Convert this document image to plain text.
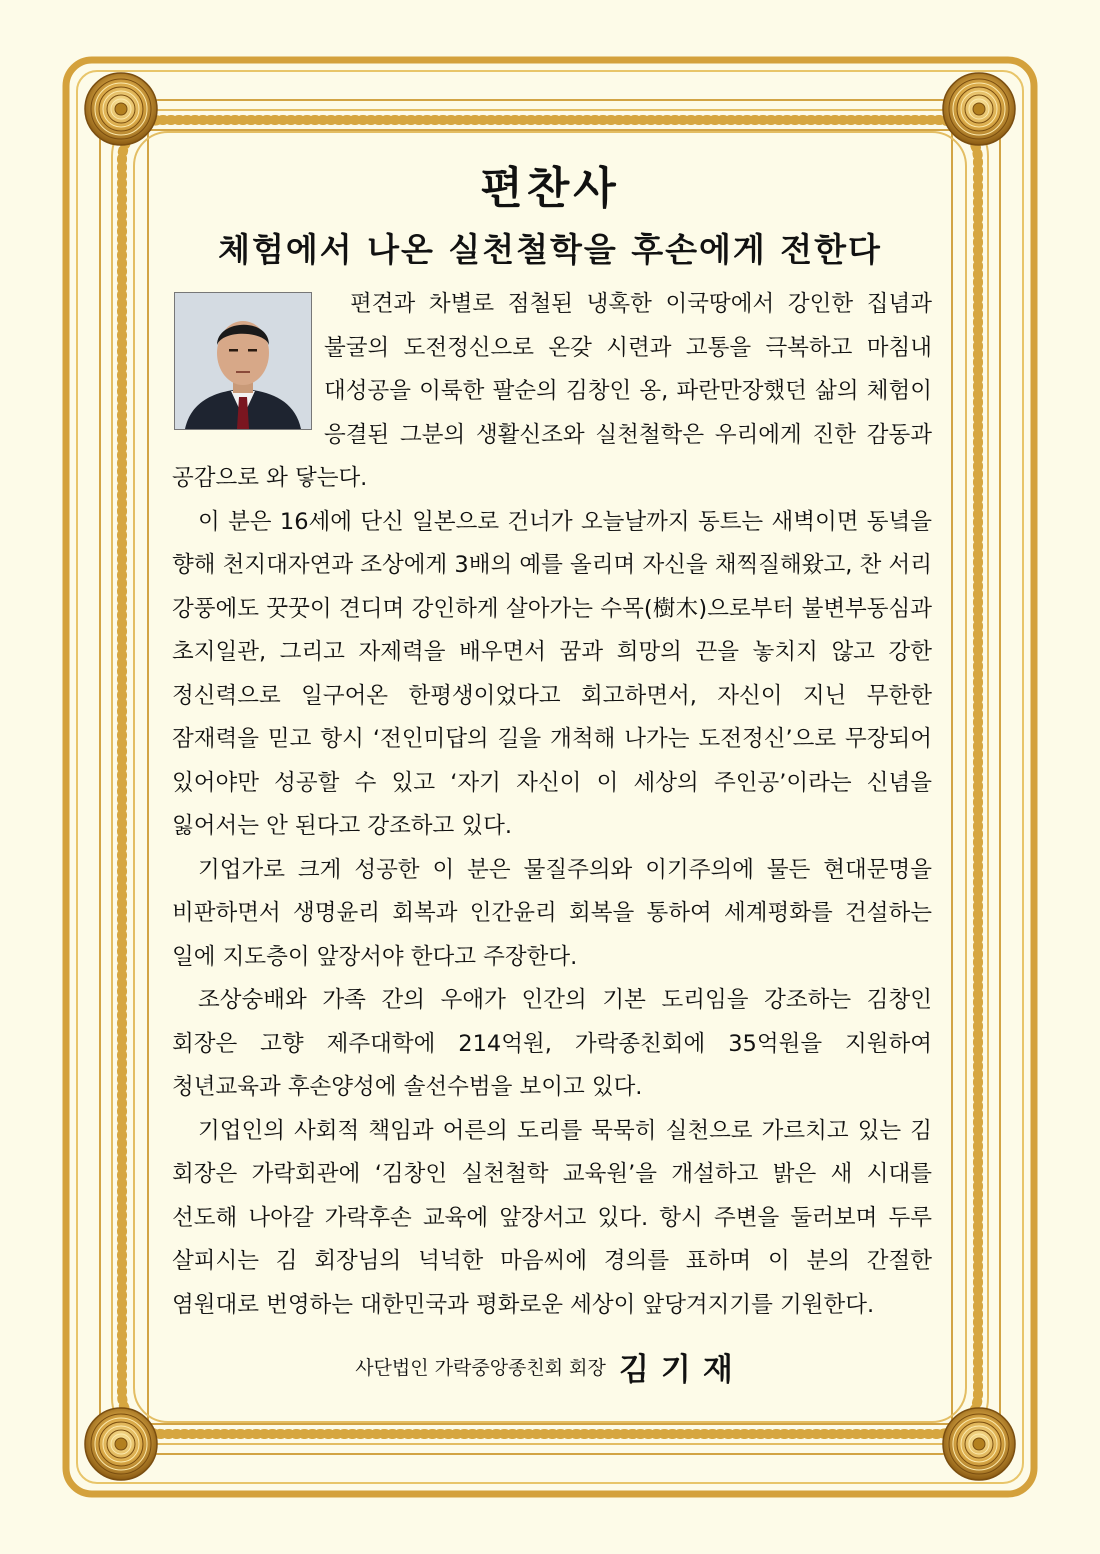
편찬사
체험에서 나온 실천철학을 후손에게 전한다

편견과 차별로 점철된 냉혹한 이국땅에서 강인한 집념과 불굴의 도전정신으로 온갖 시련과 고통을 극복하고 마침내 대성공을 이룩한 팔순의 김창인 옹, 파란만장했던 삶의 체험이 응결된 그분의 생활신조와 실천철학은 우리에게 진한 감동과 공감으로 와 닿는다.

이 분은 16세에 단신 일본으로 건너가 오늘날까지 동트는 새벽이면 동녘을 향해 천지대자연과 조상에게 3배의 예를 올리며 자신을 채찍질해왔고, 찬 서리 강풍에도 꿋꿋이 견디며 강인하게 살아가는 수목(樹木)으로부터 불변부동심과 초지일관, 그리고 자제력을 배우면서 꿈과 희망의 끈을 놓치지 않고 강한 정신력으로 일구어온 한평생이었다고 회고하면서, 자신이 지닌 무한한 잠재력을 믿고 항시 ‘전인미답의 길을 개척해 나가는 도전정신’으로 무장되어 있어야만 성공할 수 있고 ‘자기 자신이 이 세상의 주인공’이라는 신념을 잃어서는 안 된다고 강조하고 있다.

기업가로 크게 성공한 이 분은 물질주의와 이기주의에 물든 현대문명을 비판하면서 생명윤리 회복과 인간윤리 회복을 통하여 세계평화를 건설하는 일에 지도층이 앞장서야 한다고 주장한다.

조상숭배와 가족 간의 우애가 인간의 기본 도리임을 강조하는 김창인 회장은 고향 제주대학에 214억원, 가락종친회에 35억원을 지원하여 청년교육과 후손양성에 솔선수범을 보이고 있다.

기업인의 사회적 책임과 어른의 도리를 묵묵히 실천으로 가르치고 있는 김 회장은 가락회관에 ‘김창인 실천철학 교육원’을 개설하고 밝은 새 시대를 선도해 나아갈 가락후손 교육에 앞장서고 있다. 항시 주변을 둘러보며 두루 살피시는 김 회장님의 넉넉한 마음씨에 경의를 표하며 이 분의 간절한 염원대로 번영하는 대한민국과 평화로운 세상이 앞당겨지기를 기원한다.

사단법인 가락중앙종친회 회장 김기재
